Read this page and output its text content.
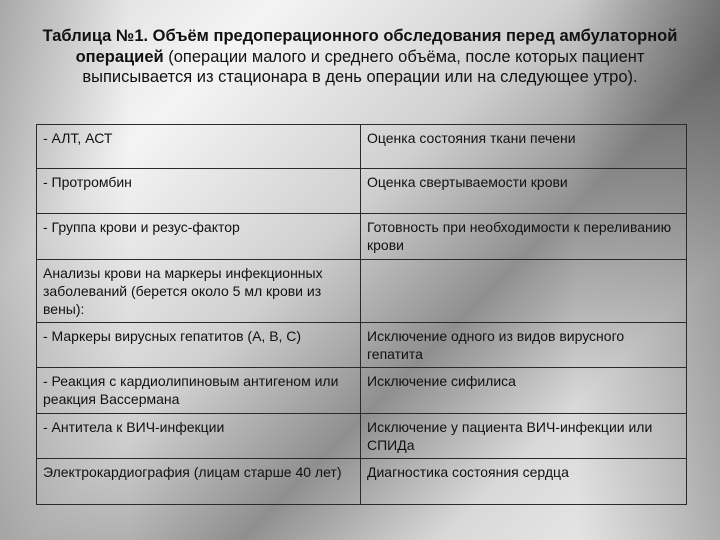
Таблица №1. Объём предоперационного обследования перед амбулаторной операцией (операции малого и среднего объёма, после которых пациент выписывается из стационара в день операции или на следующее утро).
- АЛТ, АСТ	Оценка состояния ткани печени
- Протромбин	Оценка свертываемости крови
- Группа крови и резус-фактор	Готовность при необходимости к переливанию крови
Анализы крови на маркеры инфекционных заболеваний (берется около 5 мл крови из вены):	
- Маркеры вирусных гепатитов (А, В, С)	Исключение одного из видов вирусного гепатита
- Реакция с кардиолипиновым антигеном или реакция Вассермана	Исключение сифилиса
- Антитела к ВИЧ-инфекции	Исключение у пациента ВИЧ-инфекции или СПИДа
Электрокардиография (лицам старше 40 лет)	Диагностика состояния сердца
